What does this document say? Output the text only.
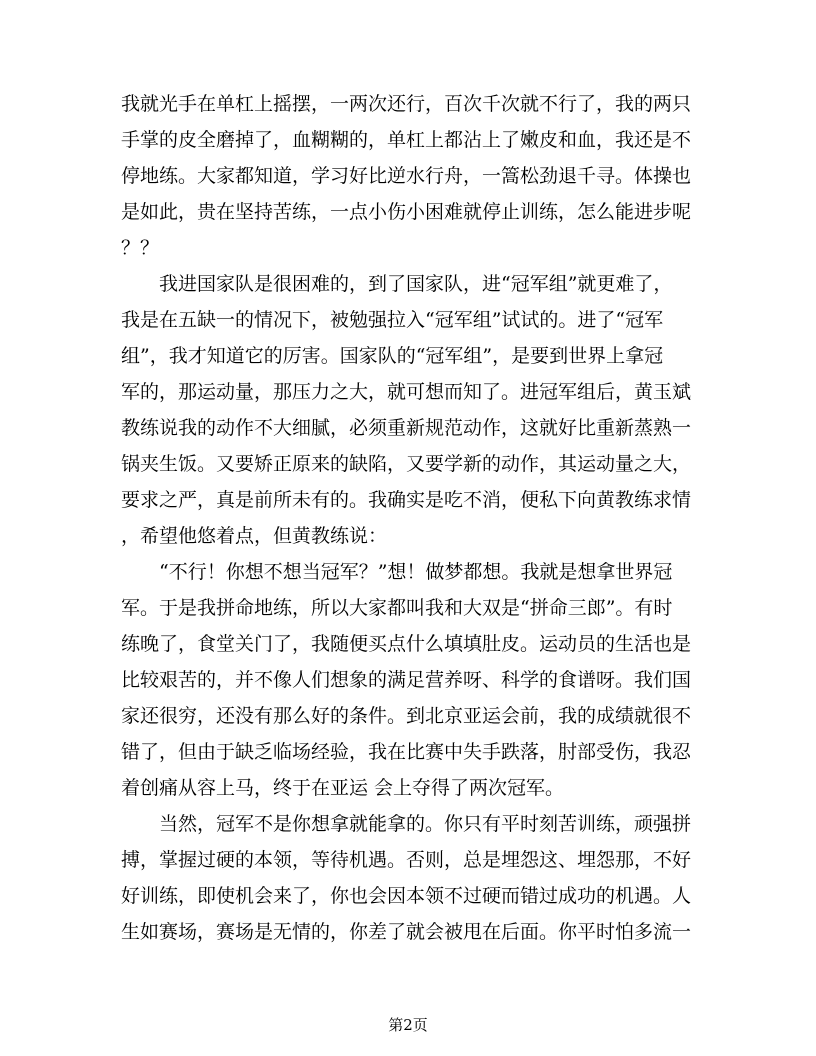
我就光手在单杠上摇摆，一两次还行，百次千次就不行了，我的两只
手掌的皮全磨掉了，血糊糊的，单杠上都沾上了嫩皮和血，我还是不
停地练。大家都知道，学习好比逆水行舟，一篙松劲退千寻。体操也
是如此，贵在坚持苦练，一点小伤小困难就停止训练，怎么能进步呢
？？
　　我进国家队是很困难的，到了国家队，进“冠军组”就更难了，
我是在五缺一的情况下，被勉强拉入“冠军组”试试的。进了“冠军
组”，我才知道它的厉害。国家队的“冠军组”，是要到世界上拿冠
军的，那运动量，那压力之大，就可想而知了。进冠军组后，黄玉斌
教练说我的动作不大细腻，必须重新规范动作，这就好比重新蒸熟一
锅夹生饭。又要矫正原来的缺陷，又要学新的动作，其运动量之大，
要求之严，真是前所未有的。我确实是吃不消，便私下向黄教练求情
，希望他悠着点，但黄教练说：
　　“不行！你想不想当冠军？”想！做梦都想。我就是想拿世界冠
军。于是我拼命地练，所以大家都叫我和大双是“拼命三郎”。有时
练晚了，食堂关门了，我随便买点什么填填肚皮。运动员的生活也是
比较艰苦的，并不像人们想象的满足营养呀、科学的食谱呀。我们国
家还很穷，还没有那么好的条件。到北京亚运会前，我的成绩就很不
错了，但由于缺乏临场经验，我在比赛中失手跌落，肘部受伤，我忍
着创痛从容上马，终于在亚运 会上夺得了两次冠军。
　　当然，冠军不是你想拿就能拿的。你只有平时刻苦训练，顽强拼
搏，掌握过硬的本领，等待机遇。否则，总是埋怨这、埋怨那，不好
好训练，即使机会来了，你也会因本领不过硬而错过成功的机遇。人
生如赛场，赛场是无情的，你差了就会被甩在后面。你平时怕多流一
第2页
